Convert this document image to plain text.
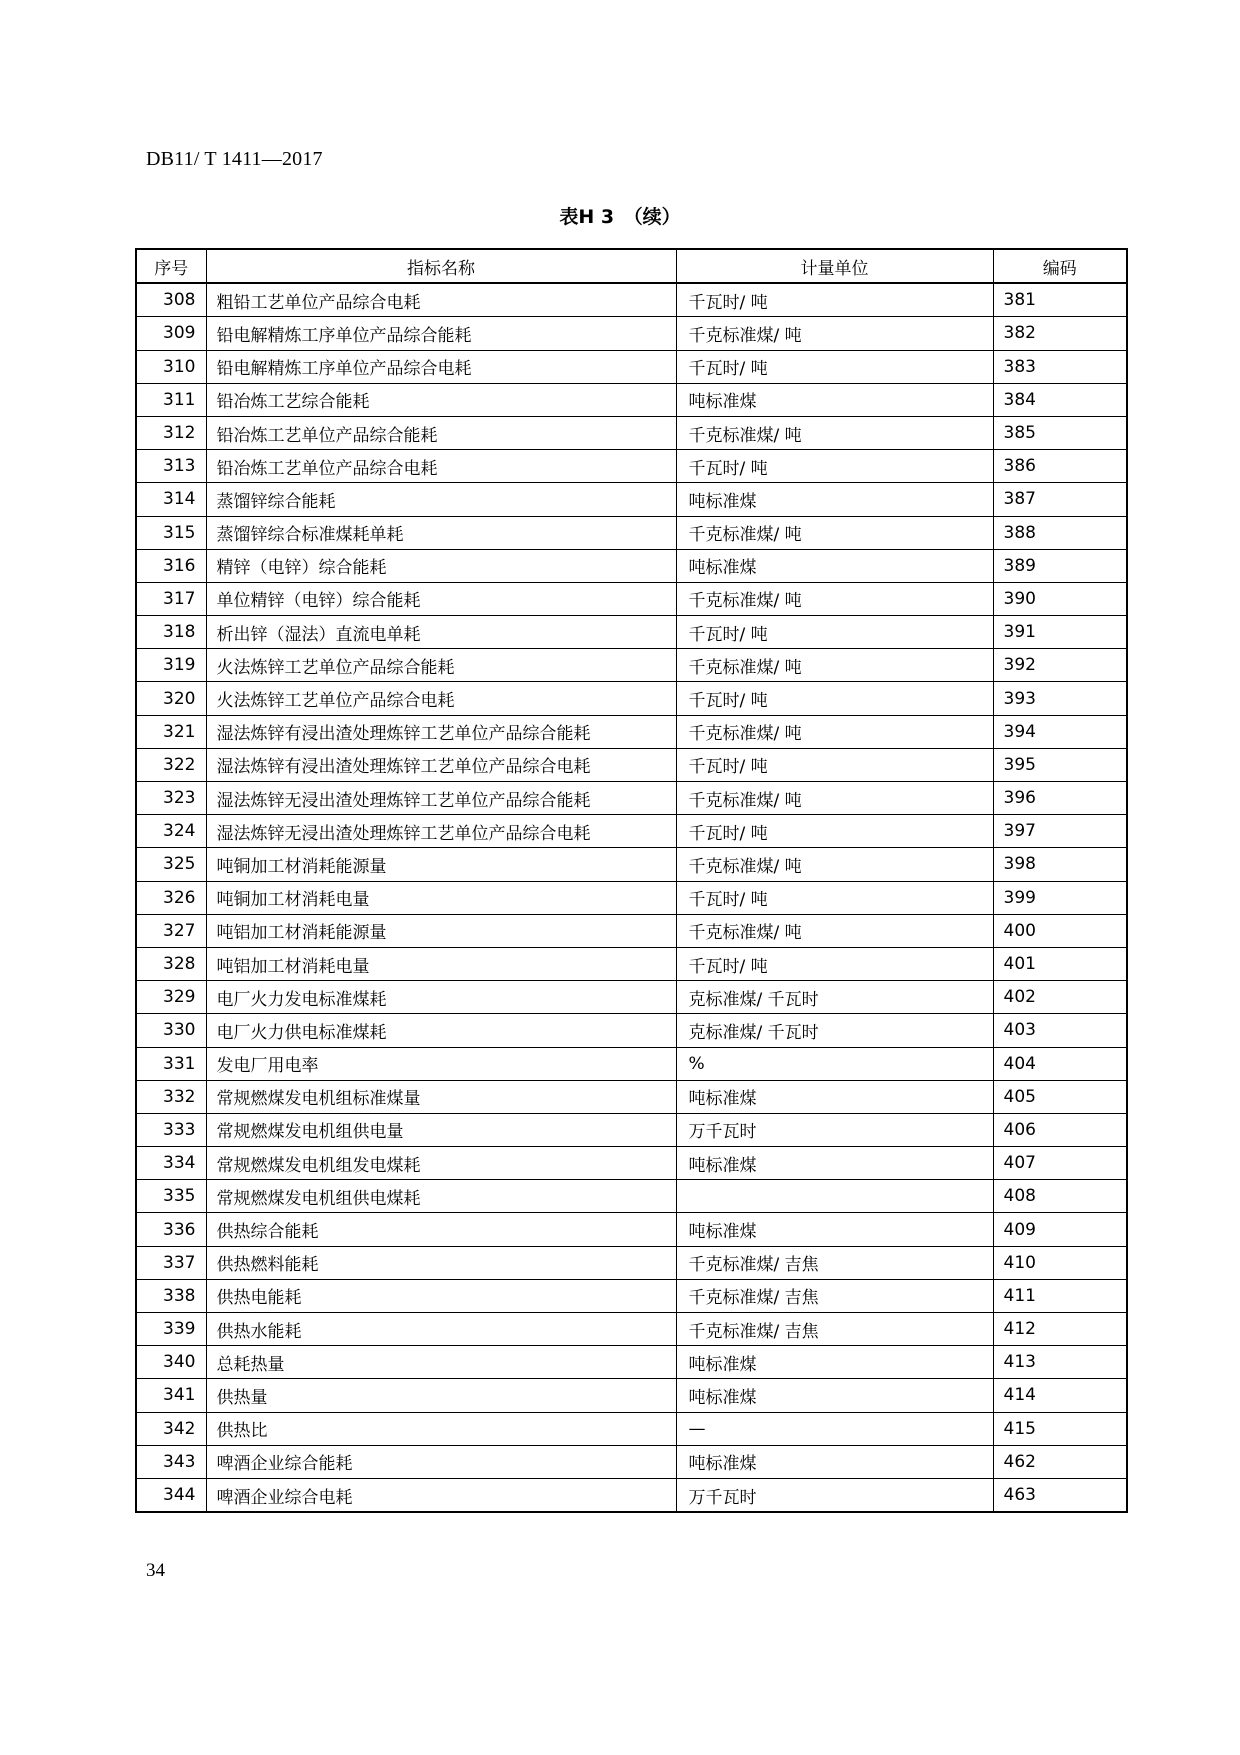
DB11/ T 1411—2017
表H 3　（续）
序号	指标名称	计量单位	编码
308	粗铅工艺单位产品综合电耗	千瓦时/ 吨	381
309	铅电解精炼工序单位产品综合能耗	千克标准煤/ 吨	382
310	铅电解精炼工序单位产品综合电耗	千瓦时/ 吨	383
311	铅冶炼工艺综合能耗	吨标准煤	384
312	铅冶炼工艺单位产品综合能耗	千克标准煤/ 吨	385
313	铅冶炼工艺单位产品综合电耗	千瓦时/ 吨	386
314	蒸馏锌综合能耗	吨标准煤	387
315	蒸馏锌综合标准煤耗单耗	千克标准煤/ 吨	388
316	精锌（电锌）综合能耗	吨标准煤	389
317	单位精锌（电锌）综合能耗	千克标准煤/ 吨	390
318	析出锌（湿法）直流电单耗	千瓦时/ 吨	391
319	火法炼锌工艺单位产品综合能耗	千克标准煤/ 吨	392
320	火法炼锌工艺单位产品综合电耗	千瓦时/ 吨	393
321	湿法炼锌有浸出渣处理炼锌工艺单位产品综合能耗	千克标准煤/ 吨	394
322	湿法炼锌有浸出渣处理炼锌工艺单位产品综合电耗	千瓦时/ 吨	395
323	湿法炼锌无浸出渣处理炼锌工艺单位产品综合能耗	千克标准煤/ 吨	396
324	湿法炼锌无浸出渣处理炼锌工艺单位产品综合电耗	千瓦时/ 吨	397
325	吨铜加工材消耗能源量	千克标准煤/ 吨	398
326	吨铜加工材消耗电量	千瓦时/ 吨	399
327	吨铝加工材消耗能源量	千克标准煤/ 吨	400
328	吨铝加工材消耗电量	千瓦时/ 吨	401
329	电厂火力发电标准煤耗	克标准煤/ 千瓦时	402
330	电厂火力供电标准煤耗	克标准煤/ 千瓦时	403
331	发电厂用电率	%	404
332	常规燃煤发电机组标准煤量	吨标准煤	405
333	常规燃煤发电机组供电量	万千瓦时	406
334	常规燃煤发电机组发电煤耗	吨标准煤	407
335	常规燃煤发电机组供电煤耗		408
336	供热综合能耗	吨标准煤	409
337	供热燃料能耗	千克标准煤/ 吉焦	410
338	供热电能耗	千克标准煤/ 吉焦	411
339	供热水能耗	千克标准煤/ 吉焦	412
340	总耗热量	吨标准煤	413
341	供热量	吨标准煤	414
342	供热比	—	415
343	啤酒企业综合能耗	吨标准煤	462
344	啤酒企业综合电耗	万千瓦时	463
34
